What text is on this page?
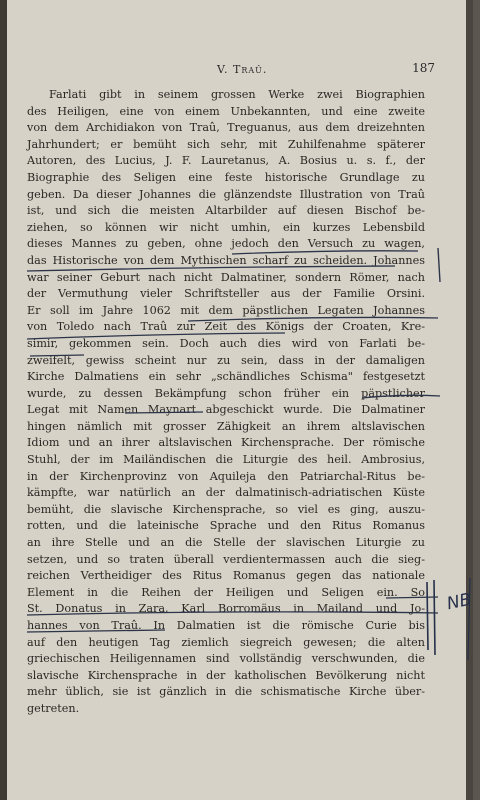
V. Traû.	187
Farlati gibt in seinem grossen Werke zwei Biographien
des Heiligen, eine von einem Unbekannten, und eine zweite
von dem Archidiakon von Traû, Treguanus, aus dem dreizehnten
Jahrhundert; er bemüht sich sehr, mit Zuhilfenahme späterer
Autoren, des Lucius, J. F. Lauretanus, A. Bosius u. s. f., der
Biographie des Seligen eine feste historische Grundlage zu
geben. Da dieser Johannes die glänzendste Illustration von Traû
ist, und sich die meisten Altarbilder auf diesen Bischof be-
ziehen, so können wir nicht umhin, ein kurzes Lebensbild
dieses Mannes zu geben, ohne jedoch den Versuch zu wagen,
das Historische von dem Mythischen scharf zu scheiden. Johannes
war seiner Geburt nach nicht Dalmatiner, sondern Römer, nach
der Vermuthung vieler Schriftsteller aus der Familie Orsini.
Er soll im Jahre 1062 mit dem päpstlichen Legaten Johannes
von Toledo nach Traû zur Zeit des Königs der Croaten, Kre-
simir, gekommen sein. Doch auch dies wird von Farlati be-
zweifelt, gewiss scheint nur zu sein, dass in der damaligen
Kirche Dalmatiens ein sehr „schändliches Schisma" festgesetzt
wurde, zu dessen Bekämpfung schon früher ein päpstlicher
Legat mit Namen Maynart abgeschickt wurde. Die Dalmatiner
hingen nämlich mit grosser Zähigkeit an ihrem altslavischen
Idiom und an ihrer altslavischen Kirchensprache. Der römische
Stuhl, der im Mailändischen die Liturgie des heil. Ambrosius,
in der Kirchenprovinz von Aquileja den Patriarchal-Ritus be-
kämpfte, war natürlich an der dalmatinisch-adriatischen Küste
bemüht, die slavische Kirchensprache, so viel es ging, auszu-
rotten, und die lateinische Sprache und den Ritus Romanus
an ihre Stelle und an die Stelle der slavischen Liturgie zu
setzen, und so traten überall verdientermassen auch die sieg-
reichen Vertheidiger des Ritus Romanus gegen das nationale
Element in die Reihen der Heiligen und Seligen ein. So
St. Donatus in Zara, Karl Borromäus in Mailand und Jo-
hannes von Traû. In Dalmatien ist die römische Curie bis
auf den heutigen Tag ziemlich siegreich gewesen; die alten
griechischen Heiligennamen sind vollständig verschwunden, die
slavische Kirchensprache in der katholischen Bevölkerung nicht
mehr üblich, sie ist gänzlich in die schismatische Kirche über-
getreten.
NB
